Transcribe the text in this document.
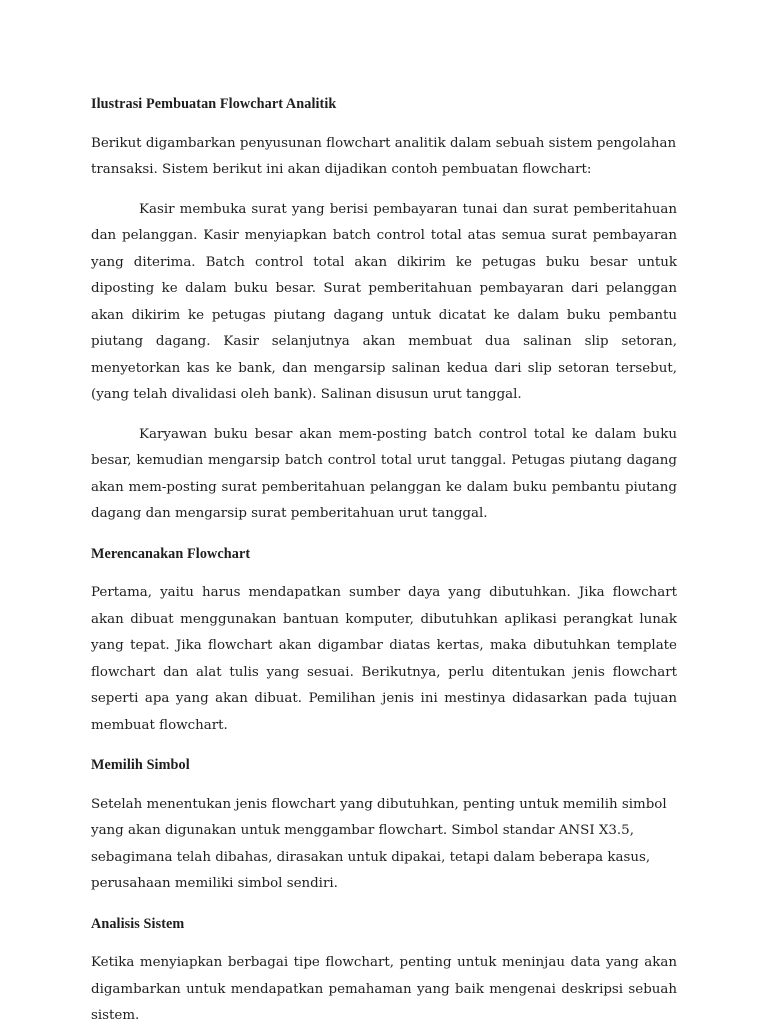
Ilustrasi Pembuatan Flowchart Analitik

Berikut digambarkan penyusunan flowchart analitik dalam sebuah sistem pengolahan transaksi. Sistem berikut ini akan dijadikan contoh pembuatan flowchart:

Kasir membuka surat yang berisi pembayaran tunai dan surat pemberitahuan dan pelanggan. Kasir menyiapkan batch control total atas semua surat pembayaran yang diterima. Batch control total akan dikirim ke petugas buku besar untuk diposting ke dalam buku besar. Surat pemberitahuan pembayaran dari pelanggan akan dikirim ke petugas piutang dagang untuk dicatat ke dalam buku pembantu piutang dagang. Kasir selanjutnya akan membuat dua salinan slip setoran, menyetorkan kas ke bank, dan mengarsip salinan kedua dari slip setoran tersebut, (yang telah divalidasi oleh bank). Salinan disusun urut tanggal.

Karyawan buku besar akan mem-posting batch control total ke dalam buku besar, kemudian mengarsip batch control total urut tanggal. Petugas piutang dagang akan mem-posting surat pemberitahuan pelanggan ke dalam buku pembantu piutang dagang dan mengarsip surat pemberitahuan urut tanggal.

Merencanakan Flowchart

Pertama, yaitu harus mendapatkan sumber daya yang dibutuhkan. Jika flowchart akan dibuat menggunakan bantuan komputer, dibutuhkan aplikasi perangkat lunak yang tepat. Jika flowchart akan digambar diatas kertas, maka dibutuhkan template flowchart dan alat tulis yang sesuai. Berikutnya, perlu ditentukan jenis flowchart seperti apa yang akan dibuat. Pemilihan jenis ini mestinya didasarkan pada tujuan membuat flowchart.

Memilih Simbol

Setelah menentukan jenis flowchart yang dibutuhkan, penting untuk memilih simbol yang akan digunakan untuk menggambar flowchart. Simbol standar ANSI X3.5, sebagimana telah dibahas, dirasakan untuk dipakai, tetapi dalam beberapa kasus, perusahaan memiliki simbol sendiri.

Analisis Sistem

Ketika menyiapkan berbagai tipe flowchart, penting untuk meninjau data yang akan digambarkan untuk mendapatkan pemahaman yang baik mengenai deskripsi sebuah sistem.
